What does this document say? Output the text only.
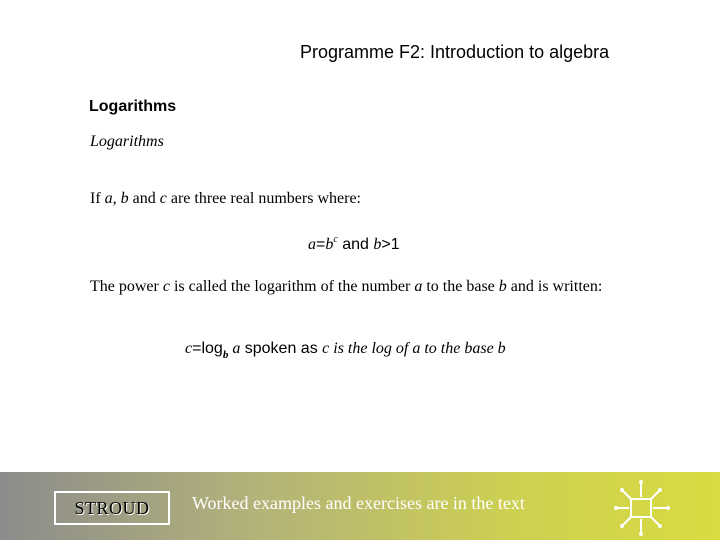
Programme F2: Introduction to algebra
Logarithms
Logarithms
If a, b and c are three real numbers where:
$a=b^c$ and b>1
The power c is called the logarithm of the number a to the base b and is written:
$c=\log_b$ a spoken as c is the log of a to the base b
STROUD Worked examples and exercises are in the text
